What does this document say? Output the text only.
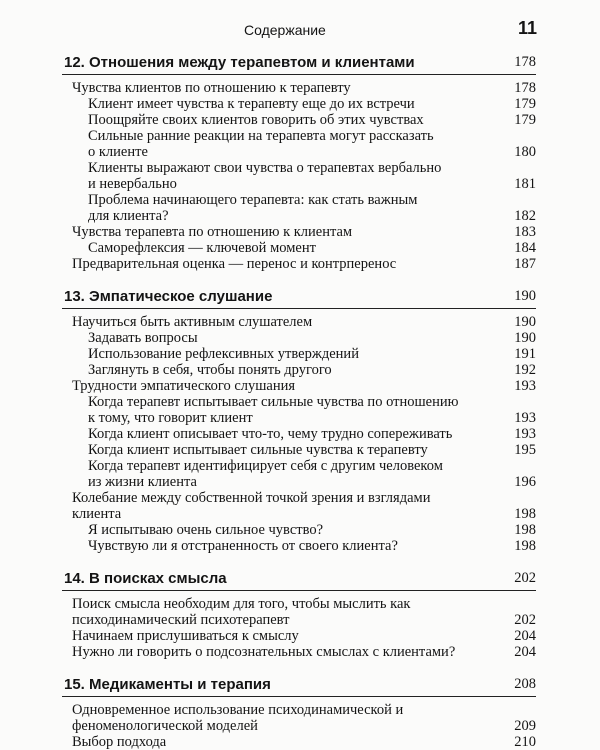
Содержание	11
12. Отношения между терапевтом и клиентами	178
Чувства клиентов по отношению к терапевту	178
Клиент имеет чувства к терапевту еще до их встречи	179
Поощряйте своих клиентов говорить об этих чувствах	179
Сильные ранние реакции на терапевта могут рассказать
о клиенте	180
Клиенты выражают свои чувства о терапевтах вербально
и невербально	181
Проблема начинающего терапевта: как стать важным
для клиента?	182
Чувства терапевта по отношению к клиентам	183
Саморефлексия — ключевой момент	184
Предварительная оценка — перенос и контрперенос	187
13. Эмпатическое слушание	190
Научиться быть активным слушателем	190
Задавать вопросы	190
Использование рефлексивных утверждений	191
Заглянуть в себя, чтобы понять другого	192
Трудности эмпатического слушания	193
Когда терапевт испытывает сильные чувства по отношению
к тому, что говорит клиент	193
Когда клиент описывает что-то, чему трудно сопереживать	193
Когда клиент испытывает сильные чувства к терапевту	195
Когда терапевт идентифицирует себя с другим человеком
из жизни клиента	196
Колебание между собственной точкой зрения и взглядами клиента	198
Я испытываю очень сильное чувство?	198
Чувствую ли я отстраненность от своего клиента?	198
14. В поисках смысла	202
Поиск смысла необходим для того, чтобы мыслить как
психодинамический психотерапевт	202
Начинаем прислушиваться к смыслу	204
Нужно ли говорить о подсознательных смыслах с клиентами?	204
15. Медикаменты и терапия	208
Одновременное использование психодинамической и
феноменологической моделей	209
Выбор подхода	210
